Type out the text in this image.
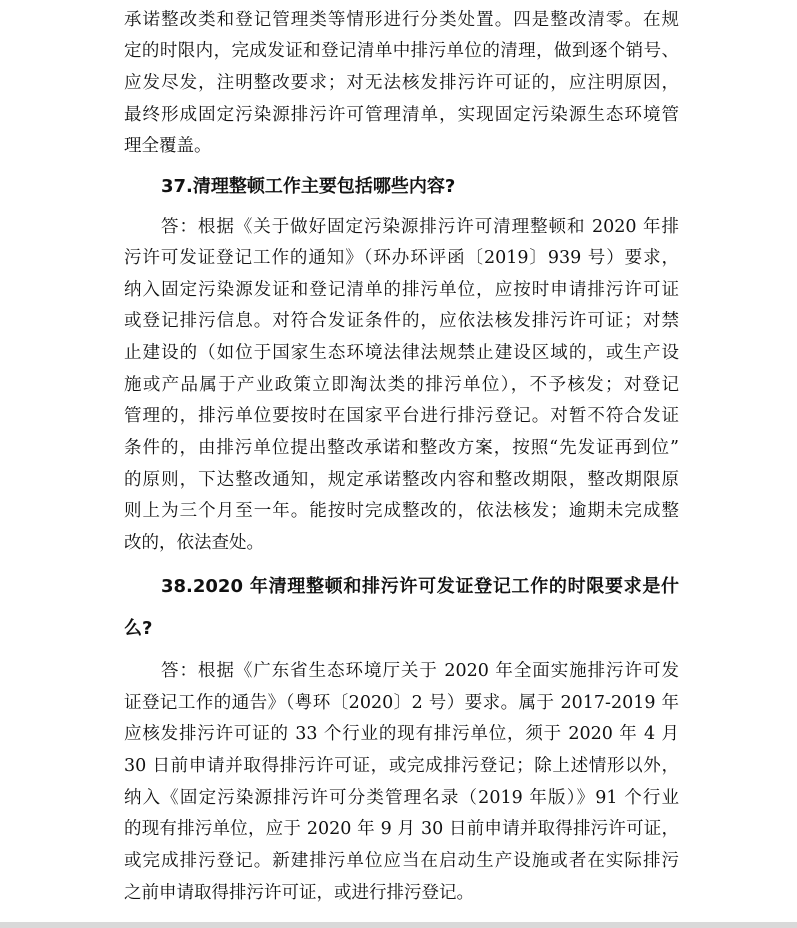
承诺整改类和登记管理类等情形进行分类处置。四是整改清零。在规
定的时限内，完成发证和登记清单中排污单位的清理，做到逐个销号、
应发尽发，注明整改要求；对无法核发排污许可证的，应注明原因，
最终形成固定污染源排污许可管理清单，实现固定污染源生态环境管
理全覆盖。
37.清理整顿工作主要包括哪些内容?
答：根据《关于做好固定污染源排污许可清理整顿和 2020 年排
污许可发证登记工作的通知》（环办环评函〔2019〕939 号）要求，
纳入固定污染源发证和登记清单的排污单位，应按时申请排污许可证
或登记排污信息。对符合发证条件的，应依法核发排污许可证；对禁
止建设的（如位于国家生态环境法律法规禁止建设区域的，或生产设
施或产品属于产业政策立即淘汰类的排污单位），不予核发；对登记
管理的，排污单位要按时在国家平台进行排污登记。对暂不符合发证
条件的，由排污单位提出整改承诺和整改方案，按照“先发证再到位”
的原则，下达整改通知，规定承诺整改内容和整改期限，整改期限原
则上为三个月至一年。能按时完成整改的，依法核发；逾期未完成整
改的，依法查处。
38.2020 年清理整顿和排污许可发证登记工作的时限要求是什
么?
答：根据《广东省生态环境厅关于 2020 年全面实施排污许可发
证登记工作的通告》（粤环〔2020〕2 号）要求。属于 2017-2019 年
应核发排污许可证的 33 个行业的现有排污单位，须于 2020 年 4 月
30 日前申请并取得排污许可证，或完成排污登记；除上述情形以外，
纳入《固定污染源排污许可分类管理名录（2019 年版）》91 个行业
的现有排污单位，应于 2020 年 9 月 30 日前申请并取得排污许可证，
或完成排污登记。新建排污单位应当在启动生产设施或者在实际排污
之前申请取得排污许可证，或进行排污登记。
